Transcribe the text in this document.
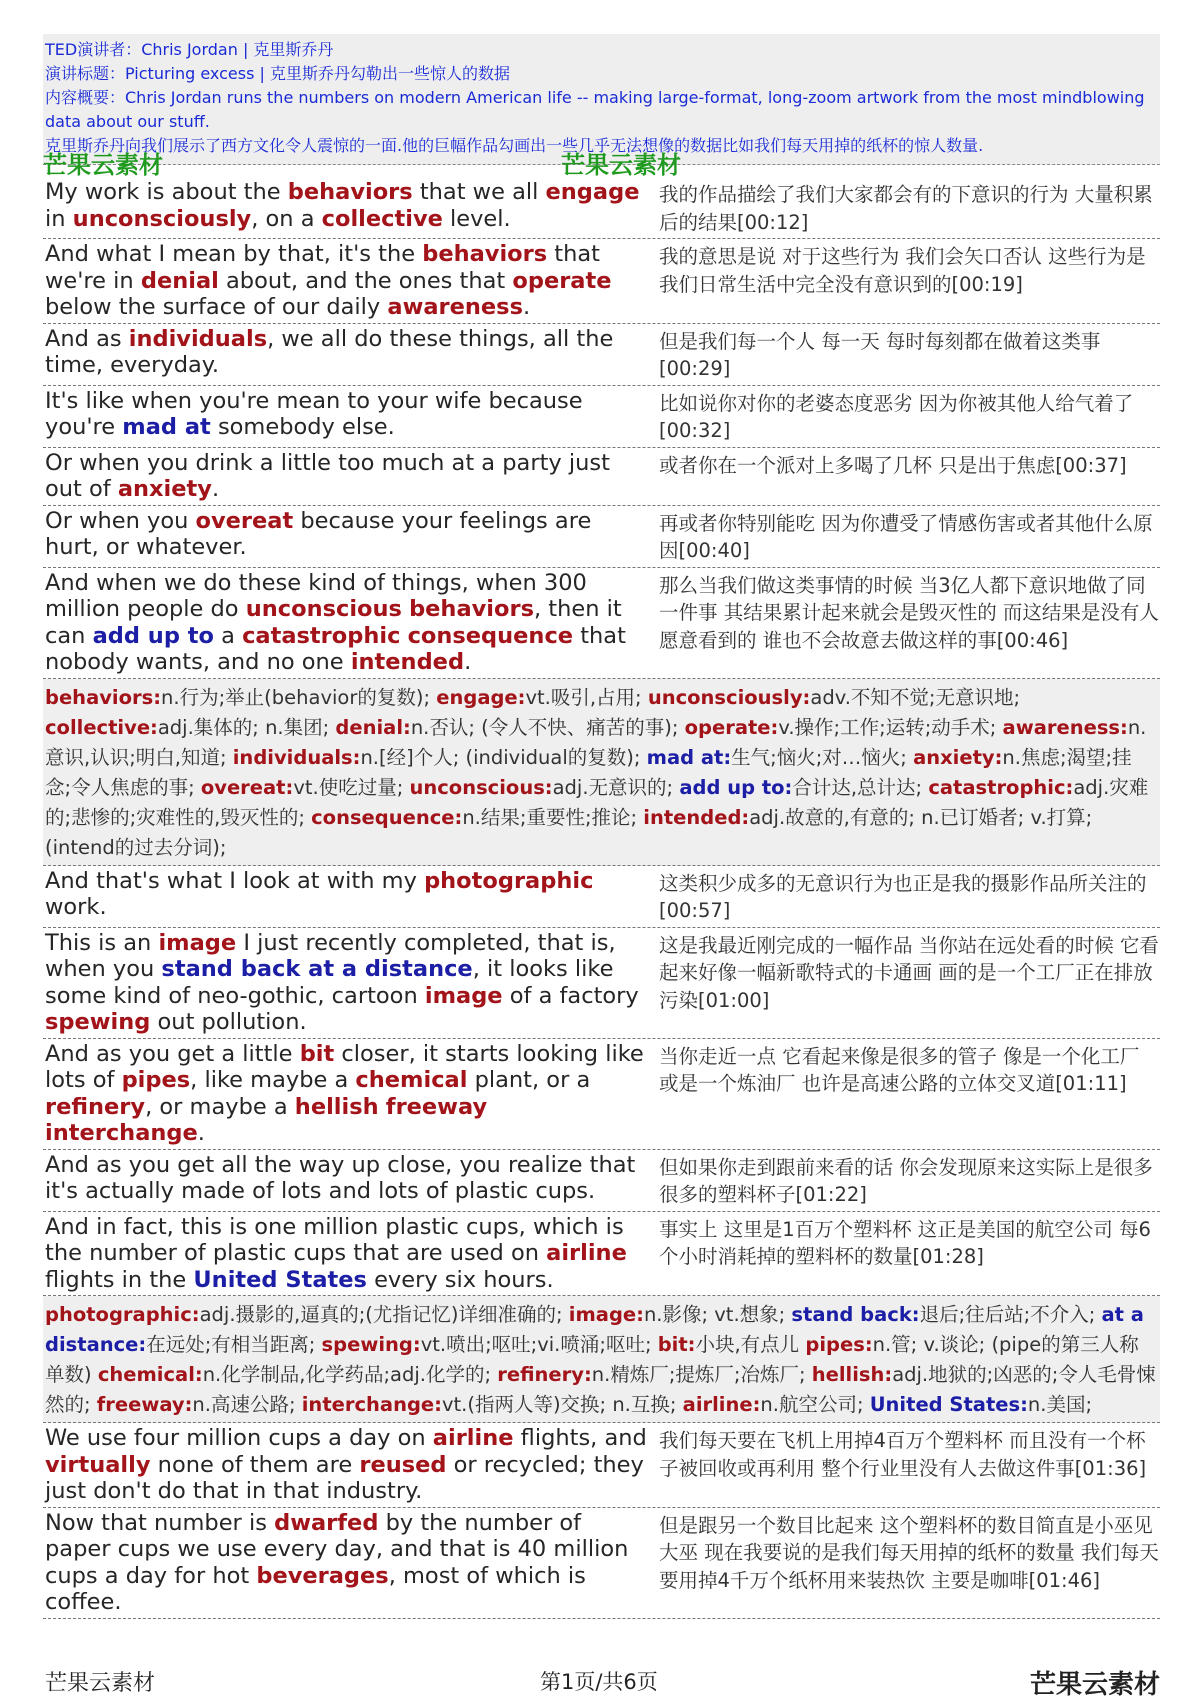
TED演讲者：Chris Jordan | 克里斯乔丹
演讲标题：Picturing excess | 克里斯乔丹勾勒出一些惊人的数据
内容概要：Chris Jordan runs the numbers on modern American life -- making large-format, long-zoom artwork from the most mindblowing data about our stuff.
克里斯乔丹向我们展示了西方文化令人震惊的一面.他的巨幅作品勾画出一些几乎无法想像的数据比如我们每天用掉的纸杯的惊人数量.
芒果云素材	芒果云素材
My work is about the behaviors that we all engage in unconsciously, on a collective level.
我的作品描绘了我们大家都会有的下意识的行为 大量积累后的结果[00:12]
And what I mean by that, it's the behaviors that we're in denial about, and the ones that operate below the surface of our daily awareness.
我的意思是说 对于这些行为 我们会矢口否认 这些行为是我们日常生活中完全没有意识到的[00:19]
And as individuals, we all do these things, all the time, everyday.
但是我们每一个人 每一天 每时每刻都在做着这类事[00:29]
It's like when you're mean to your wife because you're mad at somebody else.
比如说你对你的老婆态度恶劣 因为你被其他人给气着了[00:32]
Or when you drink a little too much at a party just out of anxiety.
或者你在一个派对上多喝了几杯 只是出于焦虑[00:37]
Or when you overeat because your feelings are hurt, or whatever.
再或者你特别能吃 因为你遭受了情感伤害或者其他什么原因[00:40]
And when we do these kind of things, when 300 million people do unconscious behaviors, then it can add up to a catastrophic consequence that nobody wants, and no one intended.
那么当我们做这类事情的时候 当3亿人都下意识地做了同一件事 其结果累计起来就会是毁灭性的 而这结果是没有人愿意看到的 谁也不会故意去做这样的事[00:46]
behaviors:n.行为;举止(behavior的复数); engage:vt.吸引,占用; unconsciously:adv.不知不觉;无意识地; collective:adj.集体的; n.集团; denial:n.否认; (令人不快、痛苦的事); operate:v.操作;工作;运转;动手术; awareness:n.意识,认识;明白,知道; individuals:n.[经]个人; (individual的复数); mad at:生气;恼火;对…恼火; anxiety:n.焦虑;渴望;挂念;令人焦虑的事; overeat:vt.使吃过量; unconscious:adj.无意识的; add up to:合计达,总计达; catastrophic:adj.灾难的;悲惨的;灾难性的,毁灭性的; consequence:n.结果;重要性;推论; intended:adj.故意的,有意的; n.已订婚者; v.打算; (intend的过去分词);
And that's what I look at with my photographic work.
这类积少成多的无意识行为也正是我的摄影作品所关注的[00:57]
This is an image I just recently completed, that is, when you stand back at a distance, it looks like some kind of neo-gothic, cartoon image of a factory spewing out pollution.
这是我最近刚完成的一幅作品 当你站在远处看的时候 它看起来好像一幅新歌特式的卡通画 画的是一个工厂正在排放污染[01:00]
And as you get a little bit closer, it starts looking like lots of pipes, like maybe a chemical plant, or a refinery, or maybe a hellish freeway interchange.
当你走近一点 它看起来像是很多的管子 像是一个化工厂 或是一个炼油厂 也许是高速公路的立体交叉道[01:11]
And as you get all the way up close, you realize that it's actually made of lots and lots of plastic cups.
但如果你走到跟前来看的话 你会发现原来这实际上是很多很多的塑料杯子[01:22]
And in fact, this is one million plastic cups, which is the number of plastic cups that are used on airline flights in the United States every six hours.
事实上 这里是1百万个塑料杯 这正是美国的航空公司 每6个小时消耗掉的塑料杯的数量[01:28]
photographic:adj.摄影的,逼真的;(尤指记忆)详细准确的; image:n.影像; vt.想象; stand back:退后;往后站;不介入; at a distance:在远处;有相当距离; spewing:vt.喷出;呕吐;vi.喷涌;呕吐; bit:小块,有点儿 pipes:n.管; v.谈论; (pipe的第三人称单数) chemical:n.化学制品,化学药品;adj.化学的; refinery:n.精炼厂;提炼厂;冶炼厂; hellish:adj.地狱的;凶恶的;令人毛骨悚然的; freeway:n.高速公路; interchange:vt.(指两人等)交换; n.互换; airline:n.航空公司; United States:n.美国;
We use four million cups a day on airline flights, and virtually none of them are reused or recycled; they just don't do that in that industry.
我们每天要在飞机上用掉4百万个塑料杯 而且没有一个杯子被回收或再利用 整个行业里没有人去做这件事[01:36]
Now that number is dwarfed by the number of paper cups we use every day, and that is 40 million cups a day for hot beverages, most of which is coffee.
但是跟另一个数目比起来 这个塑料杯的数目简直是小巫见大巫 现在我要说的是我们每天用掉的纸杯的数量 我们每天要用掉4千万个纸杯用来装热饮 主要是咖啡[01:46]
芒果云素材	第1页/共6页	芒果云素材
